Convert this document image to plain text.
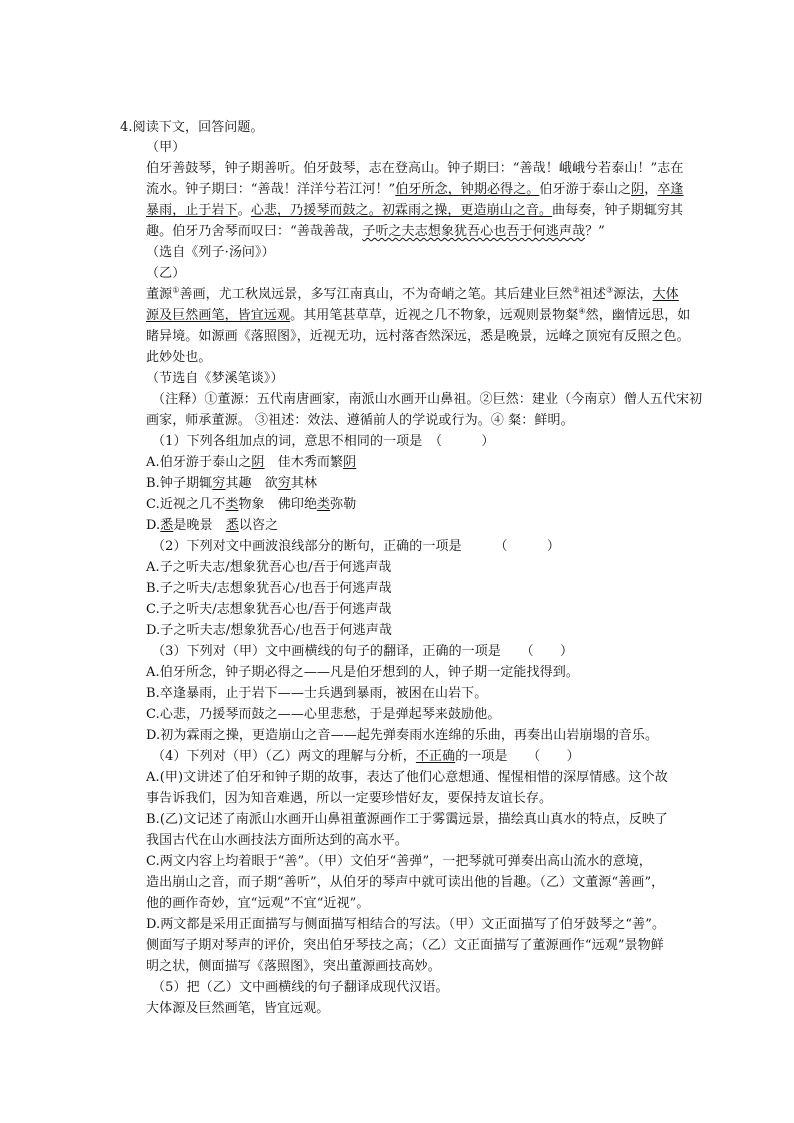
4.阅读下文，回答问题。
（甲）
伯牙善鼓琴，钟子期善听。伯牙鼓琴，志在登高山。钟子期曰：“善哉！峨峨兮若泰山！”志在
流水。钟子期曰：“善哉！洋洋兮若江河！”伯牙所念，钟期必得之。伯牙游于泰山之阴，卒逢
暴雨，止于岩下。心悲，乃援琴而鼓之。初霖雨之操，更造崩山之音。曲每奏，钟子期辄穷其
趣。伯牙乃舍琴而叹曰：“善哉善哉，子听之夫志想象犹吾心也吾于何逃声哉？”
（选自《列子·汤问》）
（乙）
董源①善画，尤工秋岚远景，多写江南真山，不为奇峭之笔。其后建业巨然②祖述③源法，大体
源及巨然画笔，皆宜远观。其用笔甚草草，近视之几不物象，远观则景物粲④然，幽情远思，如
睹异境。如源画《落照图》，近视无功，远村落杳然深远，悉是晚景，远峰之顶宛有反照之色。
此妙处也。
（节选自《梦溪笔谈》）
（注释）①董源：五代南唐画家，南派山水画开山鼻祖。②巨然：建业（今南京）僧人五代宋初
画家，师承董源。 ③祖述：效法、遵循前人的学说或行为。④ 粲：鲜明。
（1）下列各组加点的词，意思不相同的一项是　（　　　）
A.伯牙游于泰山之阴　佳木秀而繁阴
B.钟子期辄穷其趣　欲穷其林
C.近视之几不类物象　佛印绝类弥勒
D.悉是晚景　悉以咨之
（2）下列对文中画波浪线部分的断句，正确的一项是　　　（　　　）
A.子之听夫志/想象犹吾心也/吾于何逃声哉
B.子之听夫/志想象犹吾心/也吾于何逃声哉
C.子之听夫/志想象犹吾心也/吾于何逃声哉
D.子之听夫志/想象犹吾心/也吾于何逃声哉
（3）下列对（甲）文中画横线的句子的翻译，正确的一项是　　（　　）
A.伯牙所念，钟子期必得之——凡是伯牙想到的人，钟子期一定能找得到。
B.卒逢暴雨，止于岩下——士兵遇到暴雨，被困在山岩下。
C.心悲，乃援琴而鼓之——心里悲愁，于是弹起琴来鼓励他。
D.初为霖雨之操，更造崩山之音——起先弹奏雨水连绵的乐曲，再奏出山岩崩塌的音乐。
（4）下列对（甲）（乙）两文的理解与分析，不正确的一项是　　（　　）
A.(甲)文讲述了伯牙和钟子期的故事，表达了他们心意想通、惺惺相惜的深厚情感。这个故
事告诉我们，因为知音难遇，所以一定要珍惜好友，要保持友谊长存。
B.(乙)文记述了南派山水画开山鼻祖董源画作工于雾霭远景，描绘真山真水的特点，反映了
我国古代在山水画技法方面所达到的高水平。
C.两文内容上均着眼于“善”。（甲）文伯牙“善弹”，一把琴就可弹奏出高山流水的意境，
造出崩山之音，而子期“善听”，从伯牙的琴声中就可读出他的旨趣。（乙）文董源“善画”，
他的画作奇妙，宜“远观”不宜“近视”。
D.两文都是采用正面描写与侧面描写相结合的写法。（甲）文正面描写了伯牙鼓琴之“善”。
侧面写子期对琴声的评价，突出伯牙琴技之高；（乙）文正面描写了董源画作“远观”景物鲜
明之状，侧面描写《落照图》，突出董源画技高妙。
（5）把（乙）文中画横线的句子翻译成现代汉语。
大体源及巨然画笔，皆宜远观。
